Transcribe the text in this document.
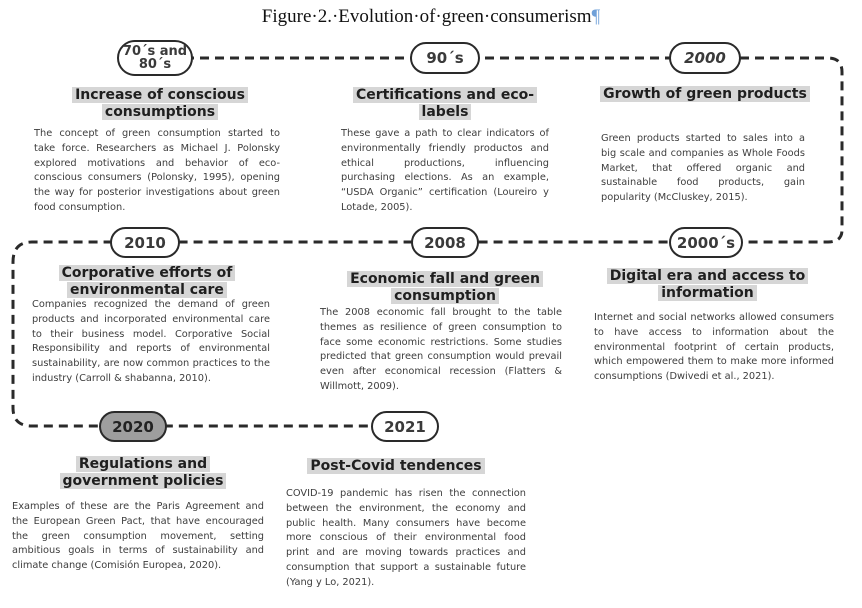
Figure·2.·Evolution·of·green·consumerism¶
70´s and 80´s
Increase of conscious consumptions
The concept of green consumption started to take force. Researchers as Michael J. Polonsky explored motivations and behavior of eco-conscious consumers (Polonsky, 1995), opening the way for posterior investigations about green food consumption.
90´s
Certifications and eco-labels
These gave a path to clear indicators of environmentally friendly productos and ethical productions, influencing purchasing elections. As an example, “USDA Organic” certification (Loureiro y Lotade, 2005).
2000
Growth of green products
Green products started to sales into a big scale and companies as Whole Foods Market, that offered organic and sustainable food products, gain popularity (McCluskey, 2015).
2010	2008	2000´s
Corporative efforts of environmental care
Companies recognized the demand of green products and incorporated environmental care to their business model. Corporative Social Responsibility and reports of environmental sustainability, are now common practices to the industry (Carroll & shabanna, 2010).
Economic fall and green consumption
The 2008 economic fall brought to the table themes as resilience of green consumption to face some economic restrictions. Some studies predicted that green consumption would prevail even after economical recession (Flatters & Willmott, 2009).
Digital era and access to information
Internet and social networks allowed consumers to have access to information about the environmental footprint of certain products, which empowered them to make more informed consumptions (Dwivedi et al., 2021).
2020	2021
Regulations and government policies
Examples of these are the Paris Agreement and the European Green Pact, that have encouraged the green consumption movement, setting ambitious goals in terms of sustainability and climate change (Comisión Europea, 2020).
Post-Covid tendences
COVID-19 pandemic has risen the connection between the environment, the economy and public health. Many consumers have become more conscious of their environmental food print and are moving towards practices and consumption that support a sustainable future (Yang y Lo, 2021).
